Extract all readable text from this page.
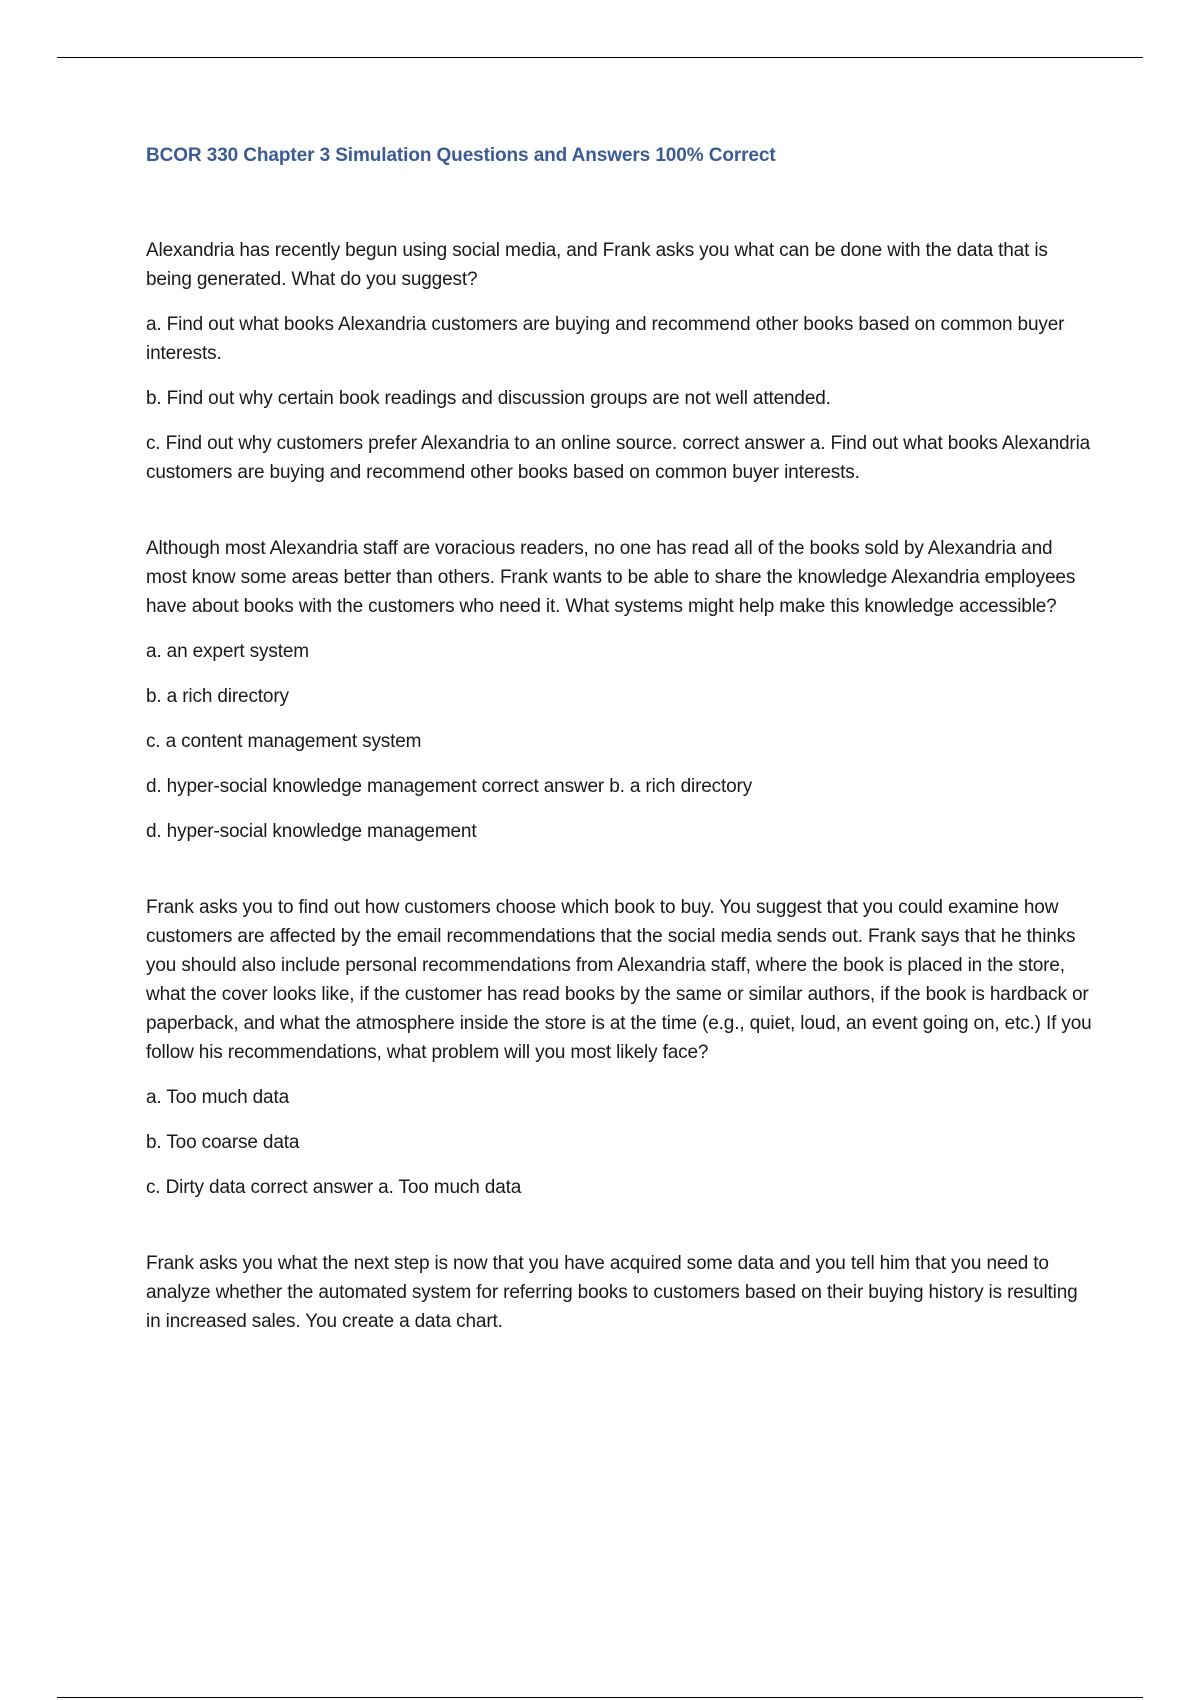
BCOR 330 Chapter 3 Simulation Questions and Answers 100% Correct

Alexandria has recently begun using social media, and Frank asks you what can be done with the data that is being generated. What do you suggest?

a. Find out what books Alexandria customers are buying and recommend other books based on common buyer interests.

b. Find out why certain book readings and discussion groups are not well attended.

c. Find out why customers prefer Alexandria to an online source. correct answer a. Find out what books Alexandria customers are buying and recommend other books based on common buyer interests.

Although most Alexandria staff are voracious readers, no one has read all of the books sold by Alexandria and most know some areas better than others. Frank wants to be able to share the knowledge Alexandria employees have about books with the customers who need it. What systems might help make this knowledge accessible?

a. an expert system

b. a rich directory

c. a content management system

d. hyper-social knowledge management correct answer b. a rich directory

d. hyper-social knowledge management

Frank asks you to find out how customers choose which book to buy. You suggest that you could examine how customers are affected by the email recommendations that the social media sends out. Frank says that he thinks you should also include personal recommendations from Alexandria staff, where the book is placed in the store, what the cover looks like, if the customer has read books by the same or similar authors, if the book is hardback or paperback, and what the atmosphere inside the store is at the time (e.g., quiet, loud, an event going on, etc.) If you follow his recommendations, what problem will you most likely face?

a. Too much data

b. Too coarse data

c. Dirty data correct answer a. Too much data

Frank asks you what the next step is now that you have acquired some data and you tell him that you need to analyze whether the automated system for referring books to customers based on their buying history is resulting in increased sales. You create a data chart.
